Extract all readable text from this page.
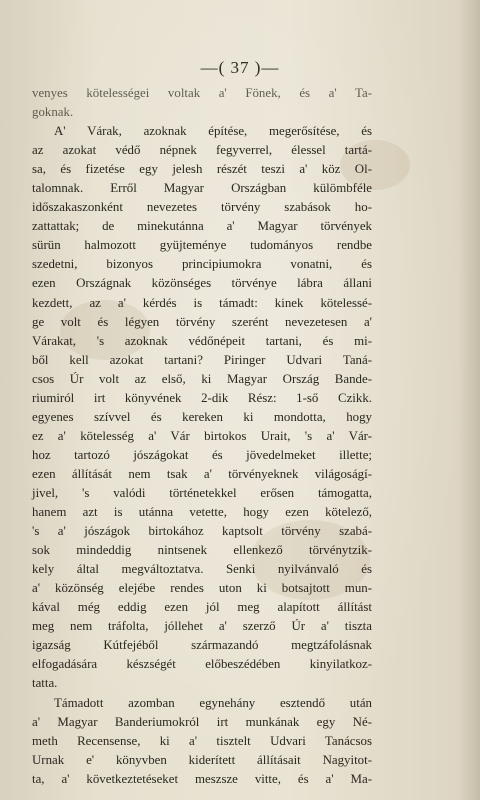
—( 37 )—
venyes kötelességei voltak a' Fönek, és a' Ta-
goknak.
A' Várak, azoknak építése, megerősítése, és
az azokat védő népnek fegyverrel, élessel tartá-
sa, és fizetése egy jelesh részét teszi a' köz Ol-
talomnak. Erről Magyar Országban külömbféle
időszakaszonként nevezetes törvény szabások ho-
zattattak; de minekutánna a' Magyar törvények
sürün halmozott gyüjteménye tudományos rendbe
szedetni, bizonyos principiumokra vonatni, és
ezen Országnak közönséges törvénye lábra állani
kezdett, az a' kérdés is támadt: kinek kötelessé-
ge volt és légyen törvény szerént nevezetesen a'
Várakat, 's azoknak védőnépeit tartani, és mi-
ből kell azokat tartani? Piringer Udvari Taná-
csos Úr volt az első, ki Magyar Ország Bande-
riumiról irt könyvének 2-dik Rész: 1-ső Czikk.
egyenes szívvel és kereken ki mondotta, hogy
ez a' kötelesség a' Vár birtokos Urait, 's a' Vár-
hoz tartozó jószágokat és jövedelmeket illette;
ezen állítását nem tsak a' törvényeknek világoságí-
jivel, 's valódi történetekkel erősen támogatta,
hanem azt is utánna vetette, hogy ezen kötelező,
's a' jószágok birtokához kaptsolt törvény szabá-
sok mindeddig nintsenek ellenkező törvénytzik-
kely által megváltoztatva. Senki nyilvánvaló és
a' közönség elejébe rendes uton ki botsajtott mun-
kával még eddig ezen jól meg alapított állítást
meg nem tráfolta, jóllehet a' szerző Úr a' tiszta
igazság Kútfejéből származandó megtzáfolásnak
elfogadására készségét előbeszédében kinyilatkoz-
tatta.
Támadott azomban egynehány esztendő után
a' Magyar Banderiumokról irt munkának egy Né-
meth Recensense, ki a' tisztelt Udvari Tanácsos
Urnak e' könyvben kiderített állításait Nagyitot-
ta, a' következtetéseket meszsze vitte, és a' Ma-
